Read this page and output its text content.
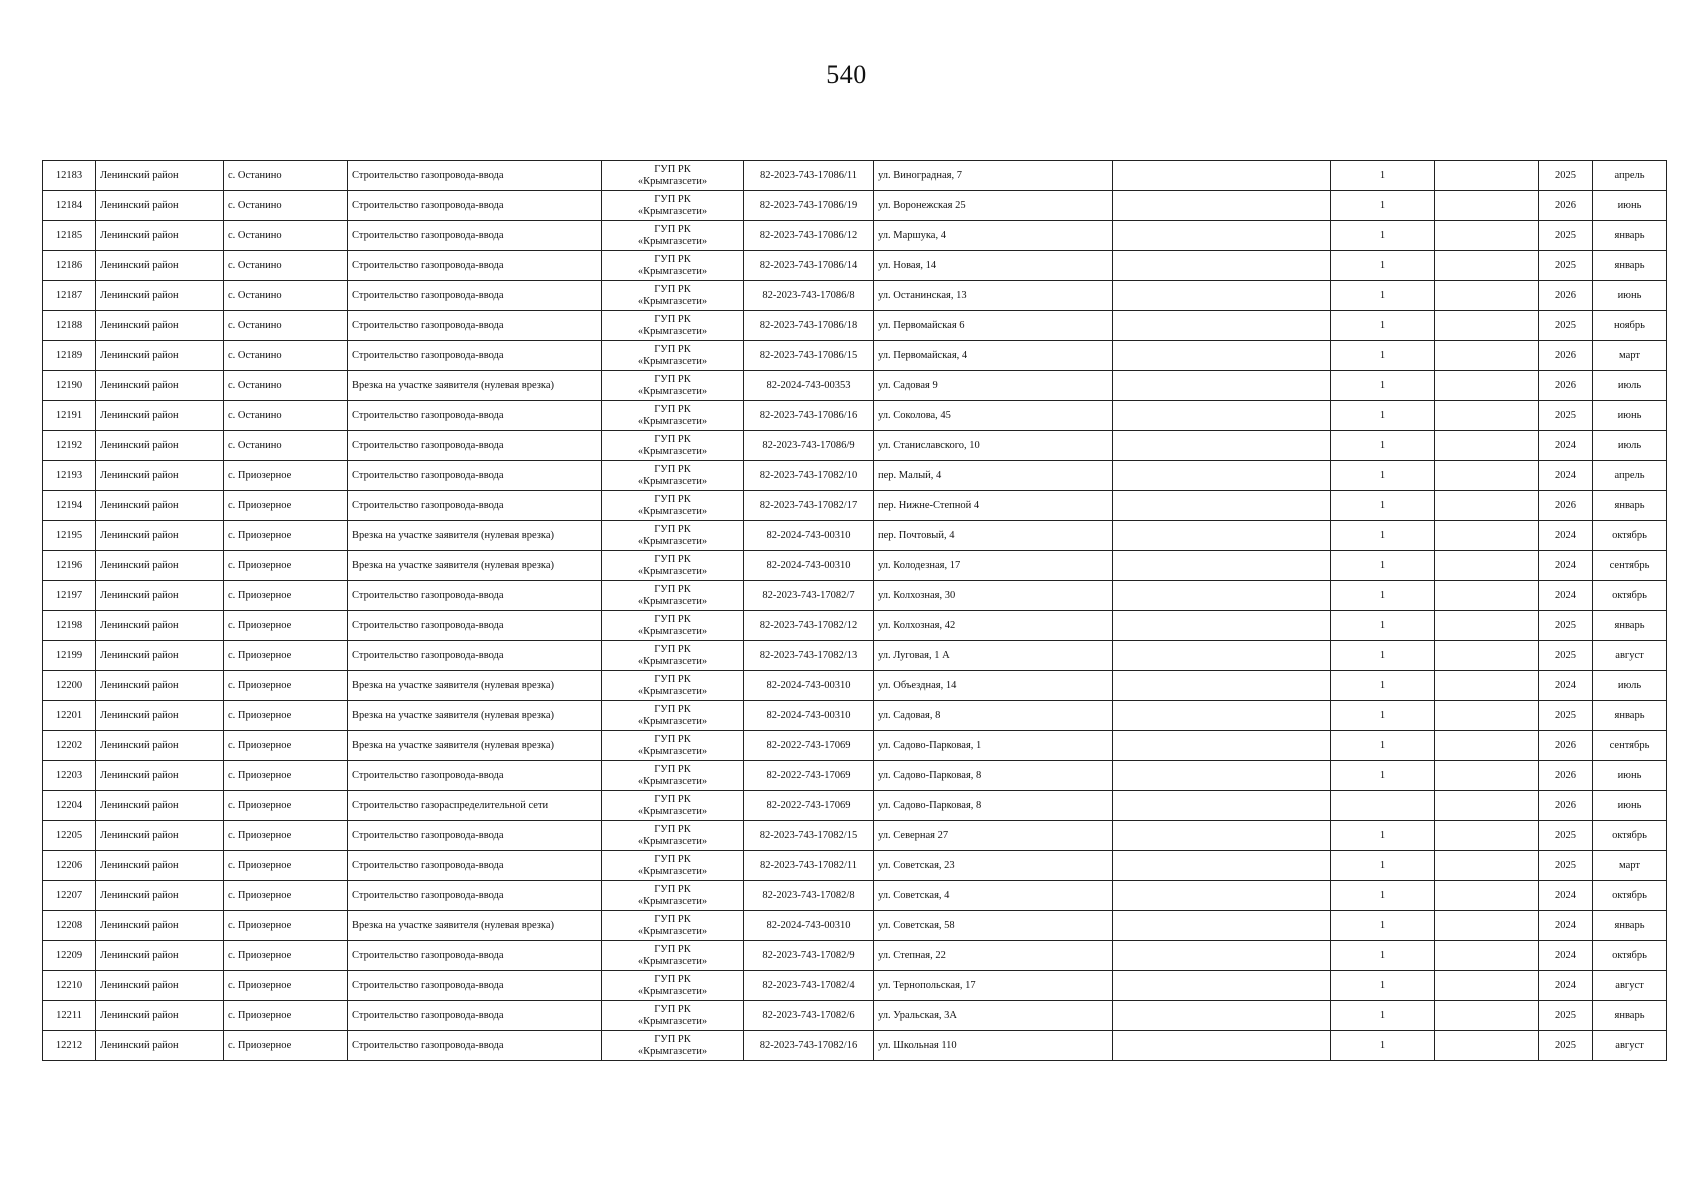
540
12183	Ленинский район	с. Останино	Строительство газопровода-ввода	ГУП РК
«Крымгазсети»	82-2023-743-17086/11	ул. Виноградная, 7		1		2025	апрель
12184	Ленинский район	с. Останино	Строительство газопровода-ввода	ГУП РК
«Крымгазсети»	82-2023-743-17086/19	ул. Воронежская 25		1		2026	июнь
12185	Ленинский район	с. Останино	Строительство газопровода-ввода	ГУП РК
«Крымгазсети»	82-2023-743-17086/12	ул. Маршука, 4		1		2025	январь
12186	Ленинский район	с. Останино	Строительство газопровода-ввода	ГУП РК
«Крымгазсети»	82-2023-743-17086/14	ул. Новая, 14		1		2025	январь
12187	Ленинский район	с. Останино	Строительство газопровода-ввода	ГУП РК
«Крымгазсети»	82-2023-743-17086/8	ул. Останинская, 13		1		2026	июнь
12188	Ленинский район	с. Останино	Строительство газопровода-ввода	ГУП РК
«Крымгазсети»	82-2023-743-17086/18	ул. Первомайская 6		1		2025	ноябрь
12189	Ленинский район	с. Останино	Строительство газопровода-ввода	ГУП РК
«Крымгазсети»	82-2023-743-17086/15	ул. Первомайская, 4		1		2026	март
12190	Ленинский район	с. Останино	Врезка на участке заявителя (нулевая врезка)	ГУП РК
«Крымгазсети»	82-2024-743-00353	ул. Садовая 9		1		2026	июль
12191	Ленинский район	с. Останино	Строительство газопровода-ввода	ГУП РК
«Крымгазсети»	82-2023-743-17086/16	ул. Соколова, 45		1		2025	июнь
12192	Ленинский район	с. Останино	Строительство газопровода-ввода	ГУП РК
«Крымгазсети»	82-2023-743-17086/9	ул. Станиславского, 10		1		2024	июль
12193	Ленинский район	с. Приозерное	Строительство газопровода-ввода	ГУП РК
«Крымгазсети»	82-2023-743-17082/10	пер. Малый, 4		1		2024	апрель
12194	Ленинский район	с. Приозерное	Строительство газопровода-ввода	ГУП РК
«Крымгазсети»	82-2023-743-17082/17	пер. Нижне-Степной 4		1		2026	январь
12195	Ленинский район	с. Приозерное	Врезка на участке заявителя (нулевая врезка)	ГУП РК
«Крымгазсети»	82-2024-743-00310	пер. Почтовый, 4		1		2024	октябрь
12196	Ленинский район	с. Приозерное	Врезка на участке заявителя (нулевая врезка)	ГУП РК
«Крымгазсети»	82-2024-743-00310	ул. Колодезная, 17		1		2024	сентябрь
12197	Ленинский район	с. Приозерное	Строительство газопровода-ввода	ГУП РК
«Крымгазсети»	82-2023-743-17082/7	ул. Колхозная, 30		1		2024	октябрь
12198	Ленинский район	с. Приозерное	Строительство газопровода-ввода	ГУП РК
«Крымгазсети»	82-2023-743-17082/12	ул. Колхозная, 42		1		2025	январь
12199	Ленинский район	с. Приозерное	Строительство газопровода-ввода	ГУП РК
«Крымгазсети»	82-2023-743-17082/13	ул. Луговая, 1 А		1		2025	август
12200	Ленинский район	с. Приозерное	Врезка на участке заявителя (нулевая врезка)	ГУП РК
«Крымгазсети»	82-2024-743-00310	ул. Объездная, 14		1		2024	июль
12201	Ленинский район	с. Приозерное	Врезка на участке заявителя (нулевая врезка)	ГУП РК
«Крымгазсети»	82-2024-743-00310	ул. Садовая, 8		1		2025	январь
12202	Ленинский район	с. Приозерное	Врезка на участке заявителя (нулевая врезка)	ГУП РК
«Крымгазсети»	82-2022-743-17069	ул. Садово-Парковая, 1		1		2026	сентябрь
12203	Ленинский район	с. Приозерное	Строительство газопровода-ввода	ГУП РК
«Крымгазсети»	82-2022-743-17069	ул. Садово-Парковая, 8		1		2026	июнь
12204	Ленинский район	с. Приозерное	Строительство газораспределительной сети	ГУП РК
«Крымгазсети»	82-2022-743-17069	ул. Садово-Парковая, 8				2026	июнь
12205	Ленинский район	с. Приозерное	Строительство газопровода-ввода	ГУП РК
«Крымгазсети»	82-2023-743-17082/15	ул. Северная 27		1		2025	октябрь
12206	Ленинский район	с. Приозерное	Строительство газопровода-ввода	ГУП РК
«Крымгазсети»	82-2023-743-17082/11	ул. Советская, 23		1		2025	март
12207	Ленинский район	с. Приозерное	Строительство газопровода-ввода	ГУП РК
«Крымгазсети»	82-2023-743-17082/8	ул. Советская, 4		1		2024	октябрь
12208	Ленинский район	с. Приозерное	Врезка на участке заявителя (нулевая врезка)	ГУП РК
«Крымгазсети»	82-2024-743-00310	ул. Советская, 58		1		2024	январь
12209	Ленинский район	с. Приозерное	Строительство газопровода-ввода	ГУП РК
«Крымгазсети»	82-2023-743-17082/9	ул. Степная, 22		1		2024	октябрь
12210	Ленинский район	с. Приозерное	Строительство газопровода-ввода	ГУП РК
«Крымгазсети»	82-2023-743-17082/4	ул. Тернопольская, 17		1		2024	август
12211	Ленинский район	с. Приозерное	Строительство газопровода-ввода	ГУП РК
«Крымгазсети»	82-2023-743-17082/6	ул. Уральская, 3А		1		2025	январь
12212	Ленинский район	с. Приозерное	Строительство газопровода-ввода	ГУП РК
«Крымгазсети»	82-2023-743-17082/16	ул. Школьная 110		1		2025	август
